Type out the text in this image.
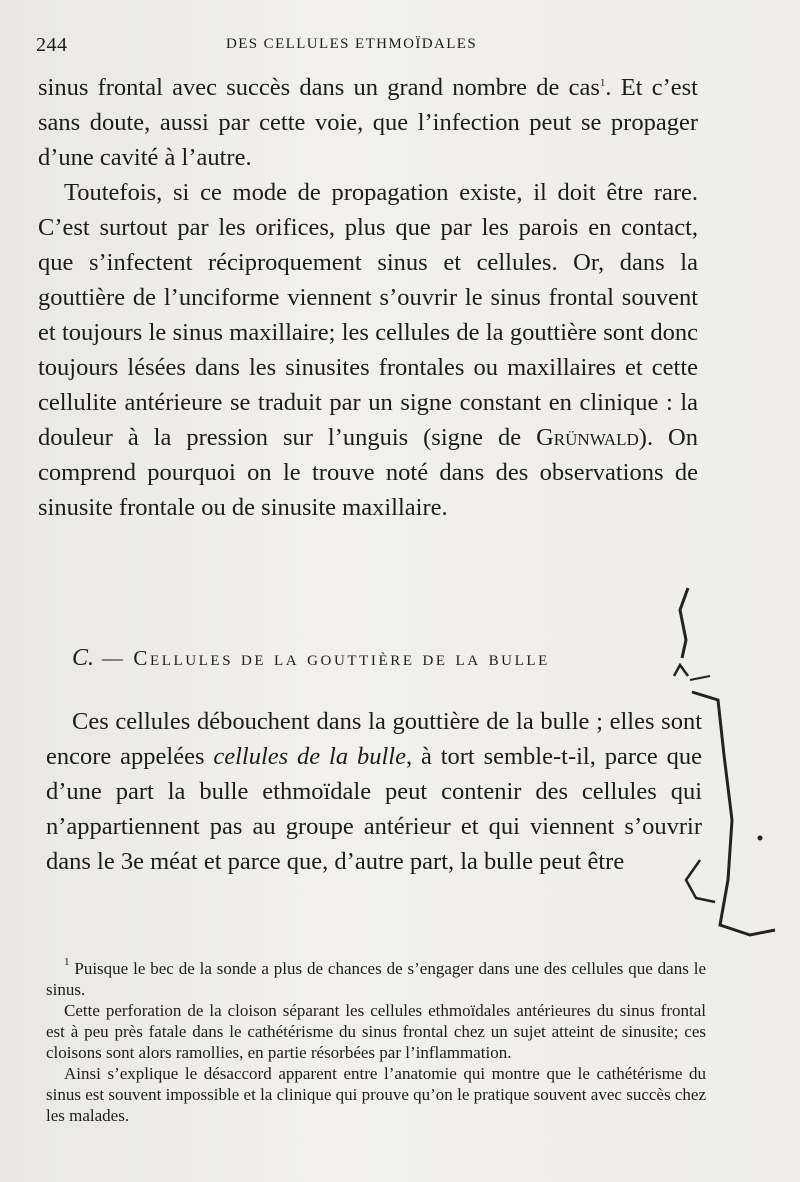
244	DES CELLULES ETHMOÏDALES

sinus frontal avec succès dans un grand nombre de cas$^1$. Et c’est sans doute, aussi par cette voie, que l’infection peut se propager d’une cavité à l’autre.

Toutefois, si ce mode de propagation existe, il doit être rare. C’est surtout par les orifices, plus que par les parois en contact, que s’infectent réciproquement sinus et cellules. Or, dans la gouttière de l’unciforme viennent s’ouvrir le sinus frontal souvent et toujours le sinus maxillaire; les cellules de la gouttière sont donc toujours lésées dans les sinusites frontales ou maxillaires et cette cellulite antérieure se traduit par un signe constant en clinique : la douleur à la pression sur l’unguis (signe de Grünwald). On comprend pourquoi on le trouve noté dans des observations de sinusite frontale ou de sinusite maxillaire.

C. — Cellules de la gouttière de la bulle

Ces cellules débouchent dans la gouttière de la bulle ; elles sont encore appelées cellules de la bulle, à tort semble-t-il, parce que d’une part la bulle ethmoïdale peut contenir des cellules qui n’appartiennent pas au groupe antérieur et qui viennent s’ouvrir dans le 3e méat et parce que, d’autre part, la bulle peut être

$^1$ Puisque le bec de la sonde a plus de chances de s’engager dans une des cellules que dans le sinus.

Cette perforation de la cloison séparant les cellules ethmoïdales antérieures du sinus frontal est à peu près fatale dans le cathétérisme du sinus frontal chez un sujet atteint de sinusite; ces cloisons sont alors ramollies, en partie résorbées par l’inflammation.

Ainsi s’explique le désaccord apparent entre l’anatomie qui montre que le cathétérisme du sinus est souvent impossible et la clinique qui prouve qu’on le pratique souvent avec succès chez les malades.
